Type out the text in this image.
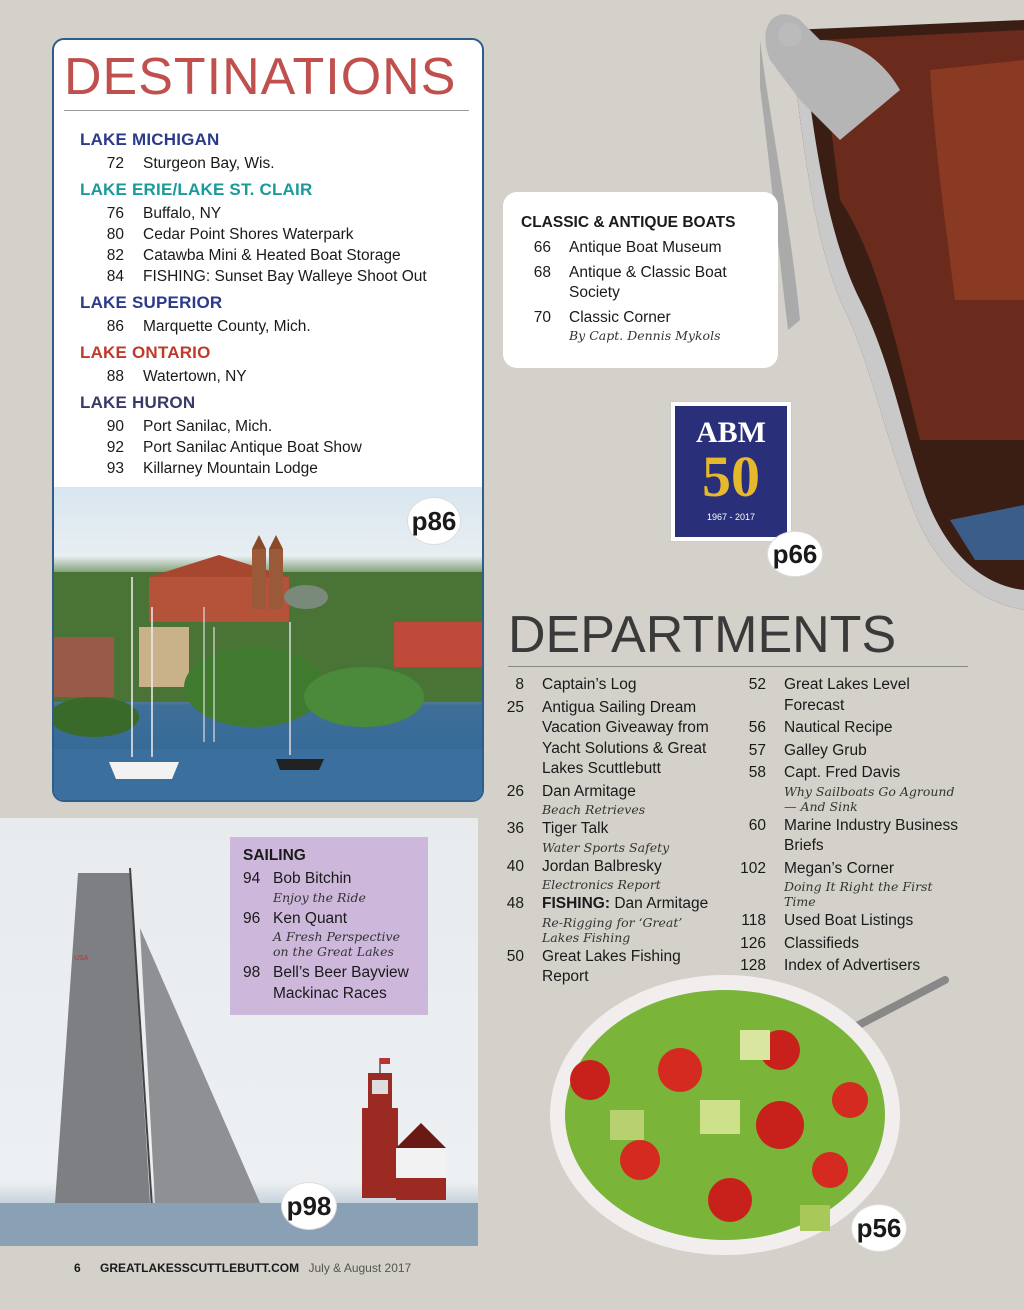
DESTINATIONS
LAKE MICHIGAN
72	Sturgeon Bay, Wis.
LAKE ERIE/LAKE ST. CLAIR
76	Buffalo, NY
80	Cedar Point Shores Waterpark
82	Catawba Mini & Heated Boat Storage
84	FISHING: Sunset Bay Walleye Shoot Out
LAKE SUPERIOR
86	Marquette County, Mich.
LAKE ONTARIO
88	Watertown, NY
LAKE HURON
90	Port Sanilac, Mich.
92	Port Sanilac Antique Boat Show
93	Killarney Mountain Lodge
p86
CLASSIC & ANTIQUE BOATS
66	Antique Boat Museum
68	Antique & Classic Boat Society
70	Classic Corner
By Capt. Dennis Mykols
ABM
50
1967 - 2017
p66
DEPARTMENTS
8	Captain’s Log
25	Antigua Sailing Dream Vacation Giveaway from Yacht Solutions & Great Lakes Scuttlebutt
26	Dan Armitage
Beach Retrieves
36	Tiger Talk
Water Sports Safety
40	Jordan Balbresky
Electronics Report
48	FISHING: Dan Armitage
Re-Rigging for ‘Great’ Lakes Fishing
50	Great Lakes Fishing Report
52	Great Lakes Level Forecast
56	Nautical Recipe
57	Galley Grub
58	Capt. Fred Davis
Why Sailboats Go Aground — And Sink
60	Marine Industry Business Briefs
102	Megan’s Corner
Doing It Right the First Time
118	Used Boat Listings
126	Classifieds
128	Index of Advertisers
p56
USA
SAILING
94 Bob Bitchin
Enjoy the Ride
96 Ken Quant
A Fresh Perspective on the Great Lakes
98 Bell’s Beer Bayview Mackinac Races
p98
6 GREATLAKESSCUTTLEBUTT.COM July & August 2017
